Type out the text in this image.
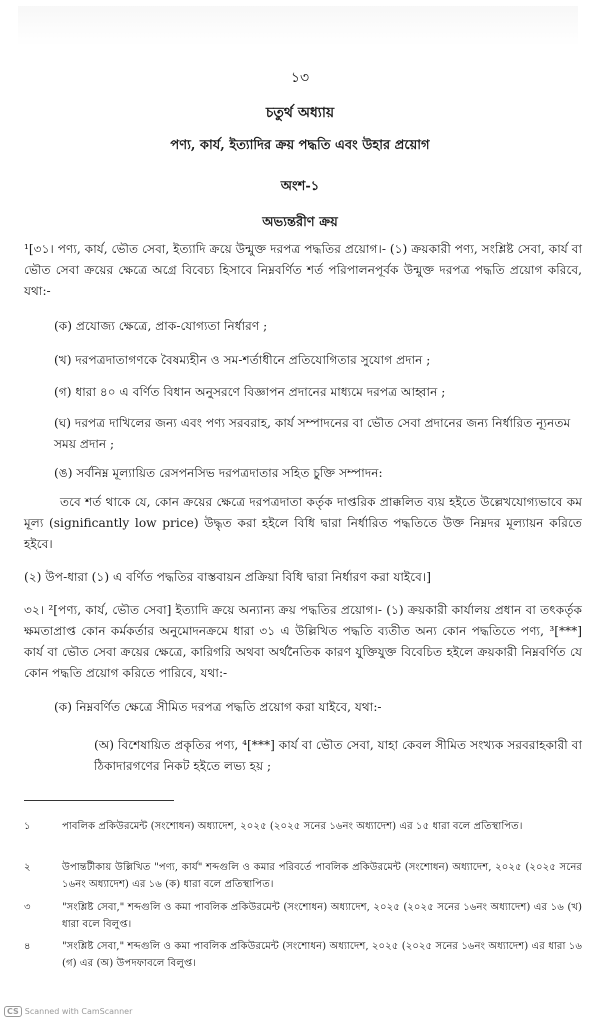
১৩
চতুর্থ অধ্যায়
পণ্য, কার্য, ইত্যাদির ক্রয় পদ্ধতি এবং উহার প্রয়োগ
অংশ-১
অভ্যন্তরীণ ক্রয়
¹[৩১। পণ্য, কার্য, ভৌত সেবা, ইত্যাদি ক্রয়ে উন্মুক্ত দরপত্র পদ্ধতির প্রয়োগ।- (১) ক্রয়কারী পণ্য, সংশ্লিষ্ট সেবা, কার্য বা ভৌত সেবা ক্রয়ের ক্ষেত্রে অগ্রে বিবেচ্য হিসাবে নিম্নবর্ণিত শর্ত পরিপালনপূর্বক উন্মুক্ত দরপত্র পদ্ধতি প্রয়োগ করিবে, যথা:-
(ক) প্রযোজ্য ক্ষেত্রে, প্রাক-যোগ্যতা নির্ধারণ ;
(খ) দরপত্রদাতাগণকে বৈষম্যহীন ও সম-শর্তাধীনে প্রতিযোগিতার সুযোগ প্রদান ;
(গ) ধারা ৪০ এ বর্ণিত বিধান অনুসরণে বিজ্ঞাপন প্রদানের মাধ্যমে দরপত্র আহ্বান ;
(ঘ) দরপত্র দাখিলের জন্য এবং পণ্য সরবরাহ, কার্য সম্পাদনের বা ভৌত সেবা প্রদানের জন্য নির্ধারিত ন্যূনতম সময় প্রদান ;
(ঙ) সর্বনিম্ন মূল্যায়িত রেসপনসিভ দরপত্রদাতার সহিত চুক্তি সম্পাদন:
তবে শর্ত থাকে যে, কোন ক্রয়ের ক্ষেত্রে দরপত্রদাতা কর্তৃক দাপ্তরিক প্রাক্কলিত ব্যয় হইতে উল্লেখযোগ্যভাবে কম মূল্য (significantly low price) উদ্ধৃত করা হইলে বিধি দ্বারা নির্ধারিত পদ্ধতিতে উক্ত নিম্নদর মূল্যায়ন করিতে হইবে।
(২) উপ-ধারা (১) এ বর্ণিত পদ্ধতির বাস্তবায়ন প্রক্রিয়া বিধি দ্বারা নির্ধারণ করা যাইবে।]
৩২। ²[পণ্য, কার্য, ভৌত সেবা] ইত্যাদি ক্রয়ে অন্যান্য ক্রয় পদ্ধতির প্রয়োগ।- (১) ক্রয়কারী কার্যালয় প্রধান বা তৎকর্তৃক ক্ষমতাপ্রাপ্ত কোন কর্মকর্তার অনুমোদনক্রমে ধারা ৩১ এ উল্লিখিত পদ্ধতি ব্যতীত অন্য কোন পদ্ধতিতে পণ্য, ³[***] কার্য বা ভৌত সেবা ক্রয়ের ক্ষেত্রে, কারিগরি অথবা অর্থনৈতিক কারণ যুক্তিযুক্ত বিবেচিত হইলে ক্রয়কারী নিম্নবর্ণিত যে কোন পদ্ধতি প্রয়োগ করিতে পারিবে, যথা:-
(ক) নিম্নবর্ণিত ক্ষেত্রে সীমিত দরপত্র পদ্ধতি প্রয়োগ করা যাইবে, যথা:-
(অ) বিশেষায়িত প্রকৃতির পণ্য, ⁴[***] কার্য বা ভৌত সেবা, যাহা কেবল সীমিত সংখ্যক সরবরাহকারী বা ঠিকাদারগণের নিকট হইতে লভ্য হয় ;
১	পাবলিক প্রকিউরমেন্ট (সংশোধন) অধ্যাদেশ, ২০২৫ (২০২৫ সনের ১৬নং অধ্যাদেশ) এর ১৫ ধারা বলে প্রতিস্থাপিত।
২	উপান্তটীকায় উল্লিখিত "পণ্য, কার্য" শব্দগুলি ও কমার পরিবর্তে পাবলিক প্রকিউরমেন্ট (সংশোধন) অধ্যাদেশ, ২০২৫ (২০২৫ সনের ১৬নং অধ্যাদেশ) এর ১৬ (ক) ধারা বলে প্রতিস্থাপিত।
৩	"সংশ্লিষ্ট সেবা," শব্দগুলি ও কমা পাবলিক প্রকিউরমেন্ট (সংশোধন) অধ্যাদেশ, ২০২৫ (২০২৫ সনের ১৬নং অধ্যাদেশ) এর ১৬ (খ) ধারা বলে বিলুপ্ত।
৪	"সংশ্লিষ্ট সেবা," শব্দগুলি ও কমা পাবলিক প্রকিউরমেন্ট (সংশোধন) অধ্যাদেশ, ২০২৫ (২০২৫ সনের ১৬নং অধ্যাদেশ) এর ধারা ১৬ (গ) এর (অ) উপদফাবলে বিলুপ্ত।
CS Scanned with CamScanner
